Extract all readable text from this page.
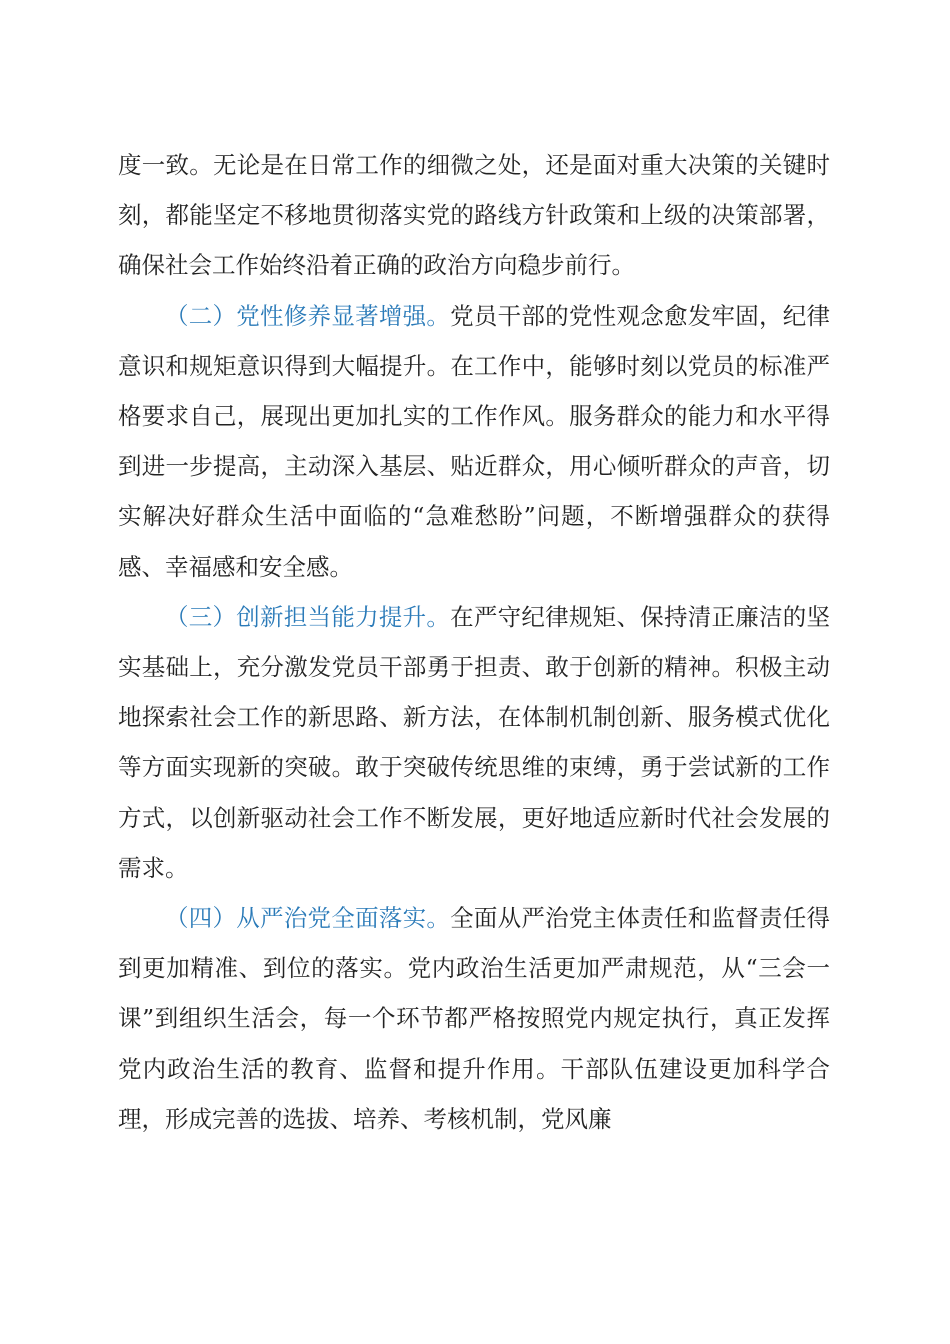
度一致。无论是在日常工作的细微之处，还是面对重大决策的关键时刻，都能坚定不移地贯彻落实党的路线方针政策和上级的决策部署，确保社会工作始终沿着正确的政治方向稳步前行。

（二）党性修养显著增强。党员干部的党性观念愈发牢固，纪律意识和规矩意识得到大幅提升。在工作中，能够时刻以党员的标准严格要求自己，展现出更加扎实的工作作风。服务群众的能力和水平得到进一步提高，主动深入基层、贴近群众，用心倾听群众的声音，切实解决好群众生活中面临的“急难愁盼”问题，不断增强群众的获得感、幸福感和安全感。

（三）创新担当能力提升。在严守纪律规矩、保持清正廉洁的坚实基础上，充分激发党员干部勇于担责、敢于创新的精神。积极主动地探索社会工作的新思路、新方法，在体制机制创新、服务模式优化等方面实现新的突破。敢于突破传统思维的束缚，勇于尝试新的工作方式，以创新驱动社会工作不断发展，更好地适应新时代社会发展的需求。

（四）从严治党全面落实。全面从严治党主体责任和监督责任得到更加精准、到位的落实。党内政治生活更加严肃规范，从“三会一课”到组织生活会，每一个环节都严格按照党内规定执行，真正发挥党内政治生活的教育、监督和提升作用。干部队伍建设更加科学合理，形成完善的选拔、培养、考核机制，党风廉
